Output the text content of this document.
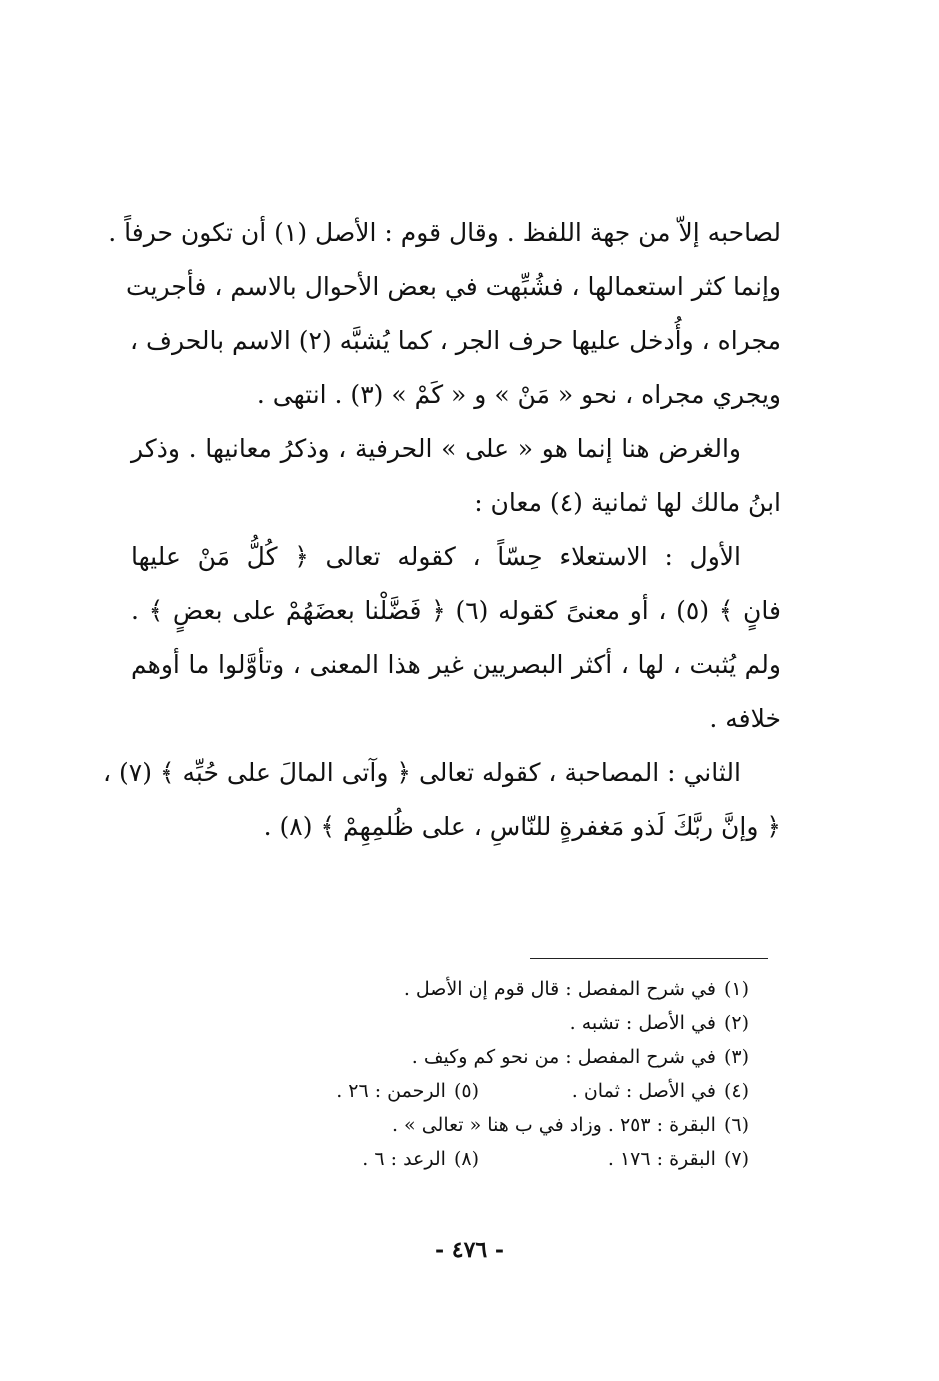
لصاحبه إلاّ من جهة اللفظ . وقال قوم : الأصل (١) أن تكون حرفاً .
وإنما كثر استعمالها ، فشُبِّهت في بعض الأحوال بالاسم ، فأجريت
مجراه ، وأُدخل عليها حرف الجر ، كما يُشبَّه (٢) الاسم بالحرف ،
ويجري مجراه ، نحو « مَنْ » و « كَمْ » (٣) . انتهى .
والغرض هنا إنما هو « على » الحرفية ، وذكرُ معانيها . وذكر
ابنُ مالك لها ثمانية (٤) معان :
الأول : الاستعلاء حِسّاً ، كقوله تعالى ﴿ كُلُّ مَنْ عليها
فانٍ ﴾ (٥) ، أو معنىً كقوله (٦) ﴿ فَضَّلْنا بعضَهُمْ على بعضٍ ﴾ .
ولم يُثبت ، لها ، أكثر البصريين غير هذا المعنى ، وتأوَّلوا ما أوهم
خلافه .
الثاني : المصاحبة ، كقوله تعالى ﴿ وآتى المالَ على حُبِّه ﴾ (٧) ،
﴿ وإنَّ ربَّكَ لَذو مَغفرةٍ للنّاسِ ، على ظُلمِهِمْ ﴾ (٨) .
(١)
في شرح المفصل : قال قوم إن الأصل .
(٢)
في الأصل : تشبه .
(٣)
في شرح المفصل : من نحو كم وكيف .
(٤)
في الأصل : ثمان .
(٥)
الرحمن : ٢٦ .
(٦)
البقرة : ٢٥٣ . وزاد في ب هنا « تعالى » .
(٧)
البقرة : ١٧٦ .
(٨)
الرعد : ٦ .
- ٤٧٦ -
